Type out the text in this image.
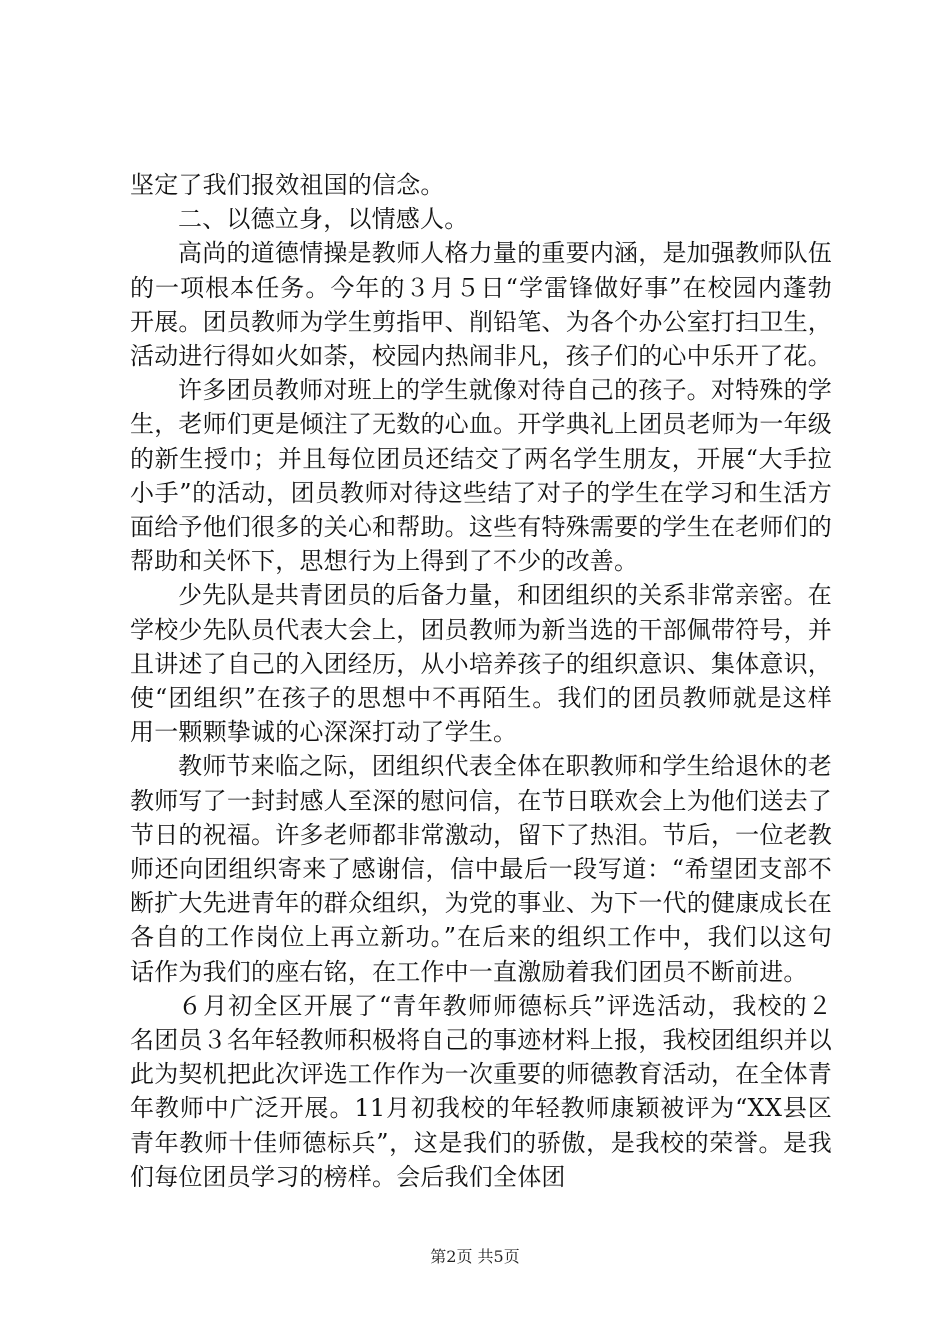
坚定了我们报效祖国的信念。

二、以德立身，以情感人。

高尚的道德情操是教师人格力量的重要内涵，是加强教师队伍的一项根本任务。今年的３月５日“学雷锋做好事”在校园内蓬勃开展。团员教师为学生剪指甲、削铅笔、为各个办公室打扫卫生，活动进行得如火如荼，校园内热闹非凡，孩子们的心中乐开了花。

许多团员教师对班上的学生就像对待自己的孩子。对特殊的学生，老师们更是倾注了无数的心血。开学典礼上团员老师为一年级的新生授巾；并且每位团员还结交了两名学生朋友，开展“大手拉小手”的活动，团员教师对待这些结了对子的学生在学习和生活方面给予他们很多的关心和帮助。这些有特殊需要的学生在老师们的帮助和关怀下，思想行为上得到了不少的改善。

少先队是共青团员的后备力量，和团组织的关系非常亲密。在学校少先队员代表大会上，团员教师为新当选的干部佩带符号，并且讲述了自己的入团经历，从小培养孩子的组织意识、集体意识，使“团组织”在孩子的思想中不再陌生。我们的团员教师就是这样用一颗颗挚诚的心深深打动了学生。

教师节来临之际，团组织代表全体在职教师和学生给退休的老教师写了一封封感人至深的慰问信，在节日联欢会上为他们送去了节日的祝福。许多老师都非常激动，留下了热泪。节后，一位老教师还向团组织寄来了感谢信，信中最后一段写道：“希望团支部不断扩大先进青年的群众组织，为党的事业、为下一代的健康成长在各自的工作岗位上再立新功。”在后来的组织工作中，我们以这句话作为我们的座右铭，在工作中一直激励着我们团员不断前进。

６月初全区开展了“青年教师师德标兵”评选活动，我校的２名团员３名年轻教师积极将自己的事迹材料上报，我校团组织并以此为契机把此次评选工作作为一次重要的师德教育活动，在全体青年教师中广泛开展。11月初我校的年轻教师康颖被评为“XX县区青年教师十佳师德标兵”，这是我们的骄傲，是我校的荣誉。是我们每位团员学习的榜样。会后我们全体团

第2页 共5页
